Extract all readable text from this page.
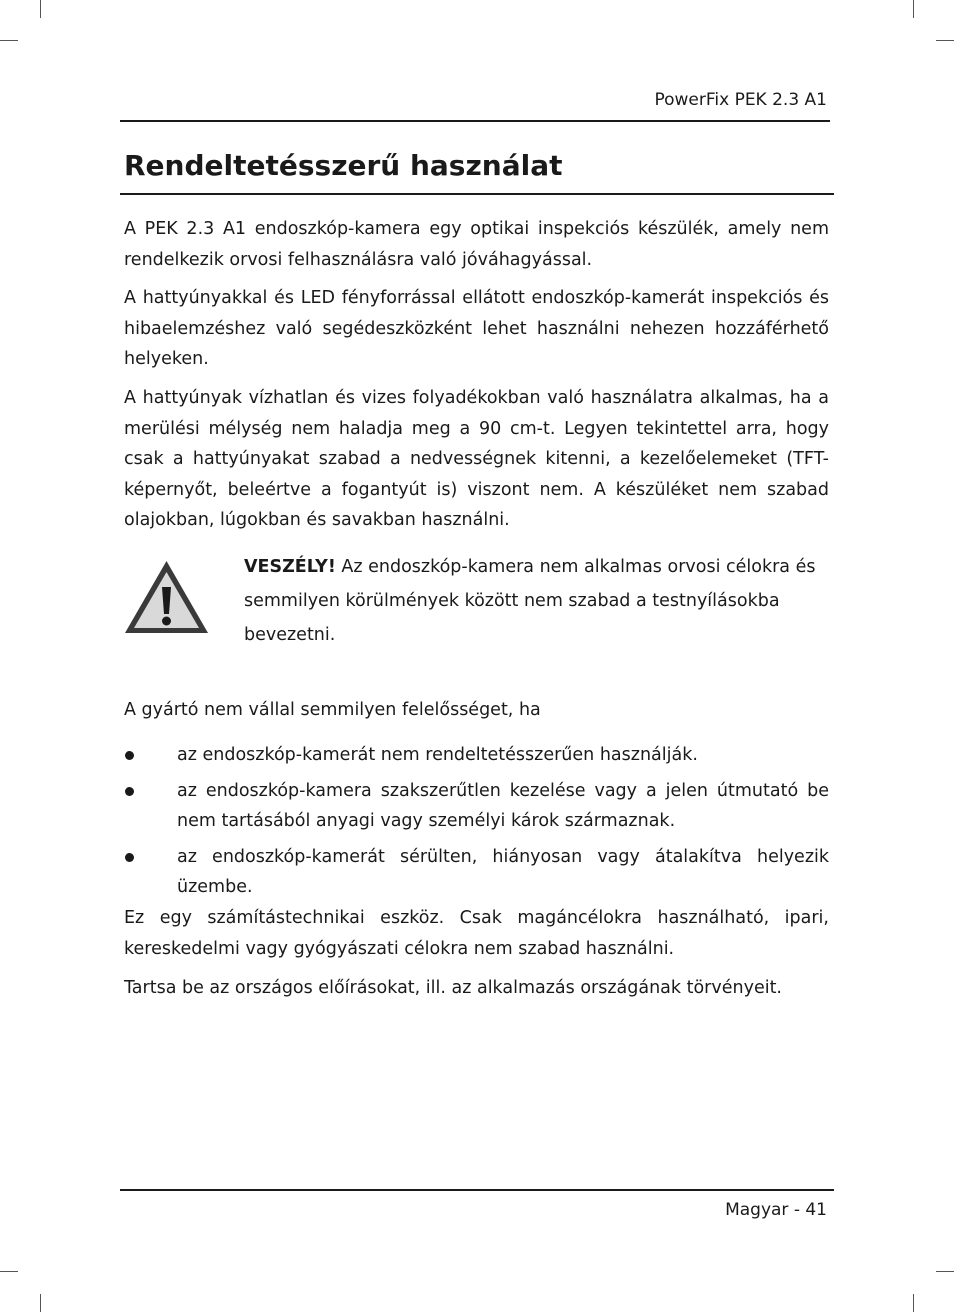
PowerFix PEK 2.3 A1
Rendeltetésszerű használat

A PEK 2.3 A1 endoszkóp-kamera egy optikai inspekciós készülék, amely nem rendelkezik orvosi felhasználásra való jóváhagyással.

A hattyúnyakkal és LED fényforrással ellátott endoszkóp-kamerát inspekciós és hibaelemzéshez való segédeszközként lehet használni nehezen hozzáférhető helyeken.

A hattyúnyak vízhatlan és vizes folyadékokban való használatra alkalmas, ha a merülési mélység nem haladja meg a 90 cm-t. Legyen tekintettel arra, hogy csak a hattyúnyakat szabad a nedvességnek kitenni, a kezelőelemeket (TFT-képernyőt, beleértve a fogantyút is) viszont nem. A készüléket nem szabad olajokban, lúgokban és savakban használni.

VESZÉLY! Az endoszkóp-kamera nem alkalmas orvosi célokra és semmilyen körülmények között nem szabad a testnyílásokba bevezetni.

A gyártó nem vállal semmilyen felelősséget, ha

az endoszkóp-kamerát nem rendeltetésszerűen használják.
az endoszkóp-kamera szakszerűtlen kezelése vagy a jelen útmutató be nem tartásából anyagi vagy személyi károk származnak.
az endoszkóp-kamerát sérülten, hiányosan vagy átalakítva helyezik üzembe.

Ez egy számítástechnikai eszköz. Csak magáncélokra használható, ipari, kereskedelmi vagy gyógyászati célokra nem szabad használni.

Tartsa be az országos előírásokat, ill. az alkalmazás országának törvényeit.

Magyar - 41
